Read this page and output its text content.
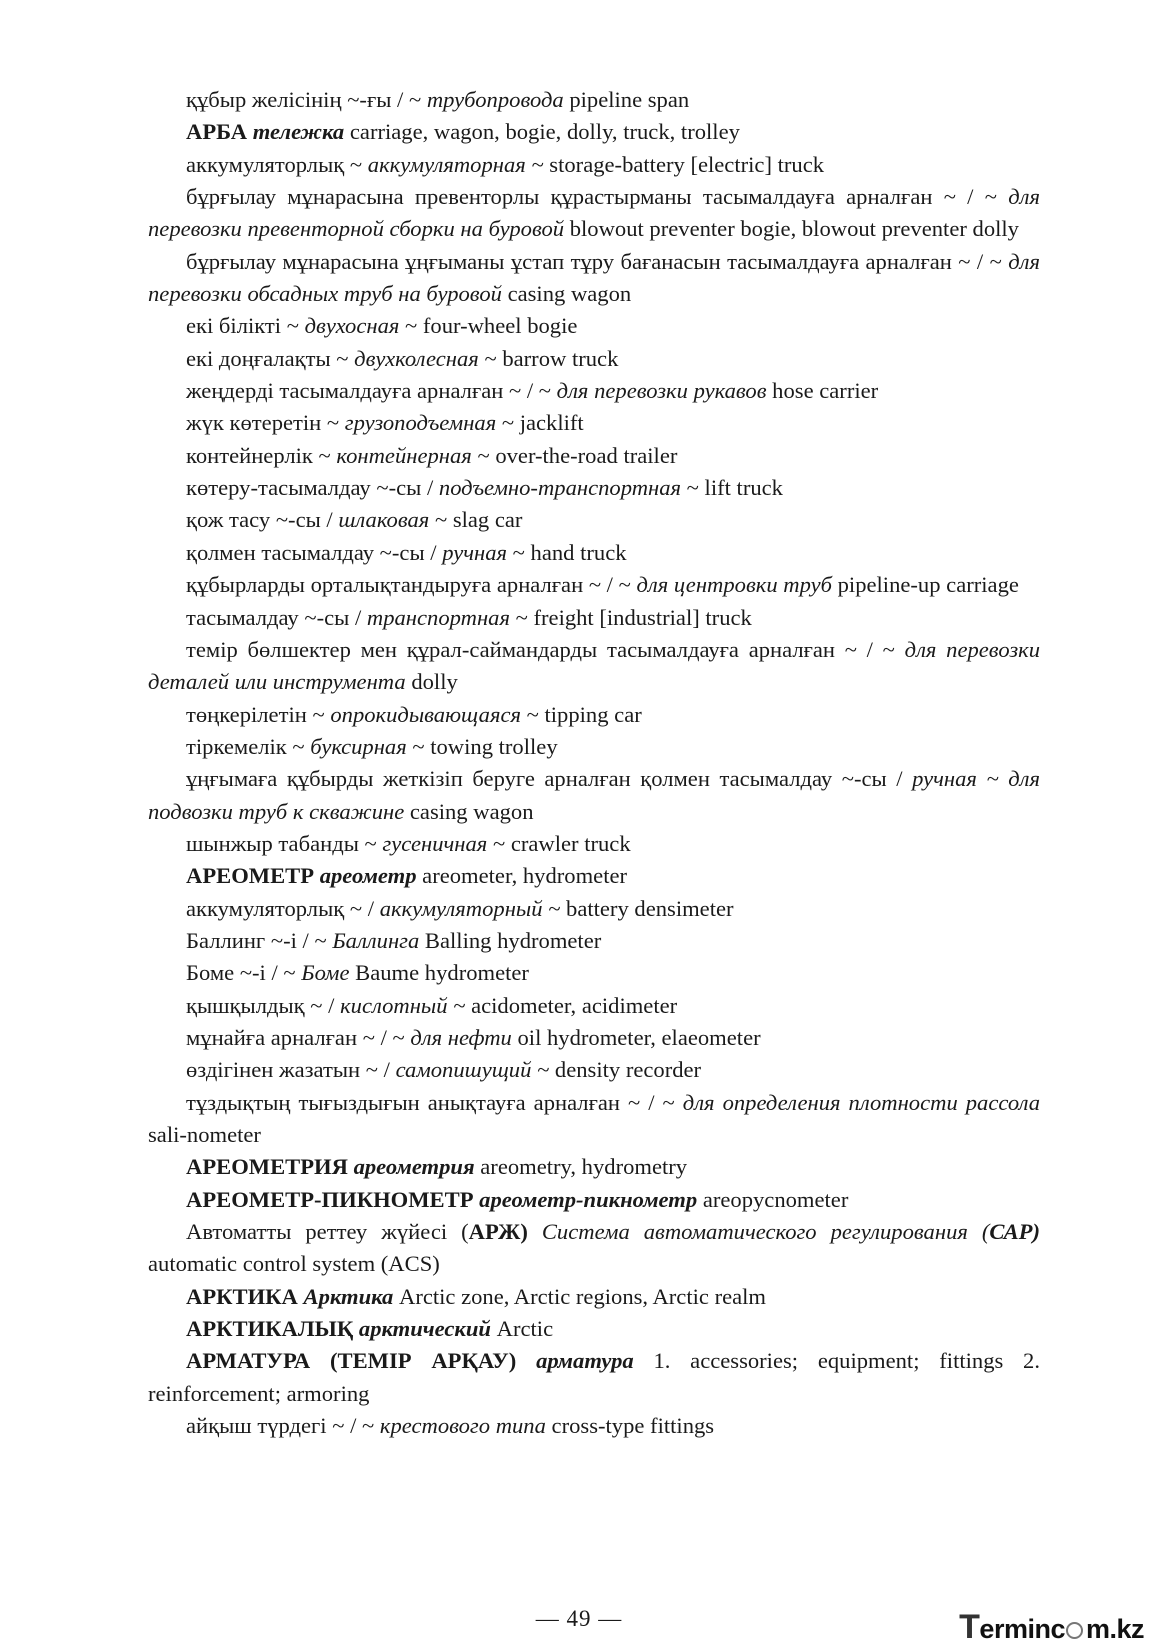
құбыр желісінің ~-ғы / ~ трубопровода pipeline span

АРБА тележка carriage, wagon, bogie, dolly, truck, trolley

аккумуляторлық ~ аккумуляторная ~ storage-battery [electric] truck

бұрғылау мұнарасына превенторлы құрастырманы тасымалдауға арналған ~ / ~ для перевозки превенторной сборки на буровой blowout preventer bogie, blowout preventer dolly

бұрғылау мұнарасына ұңғыманы ұстап тұру бағанасын тасымалдауға арналған ~ / ~ для перевозки обсадных труб на буровой casing wagon

екі білікті ~ двухосная ~ four-wheel bogie

екі доңғалақты ~ двухколесная ~ barrow truck

жеңдерді тасымалдауға арналған ~ / ~ для перевозки рукавов hose carrier

жүк көтеретін ~ грузоподъемная ~ jacklift

контейнерлік ~ контейнерная ~ over-the-road trailer

көтеру-тасымалдау ~-сы / подъемно-транспортная ~ lift truck

қож тасу ~-сы / шлаковая ~ slag car

қолмен тасымалдау ~-сы / ручная ~ hand truck

құбырларды орталықтандыруға арналған ~ / ~ для центровки труб pipeline-up carriage

тасымалдау ~-сы / транспортная ~ freight [industrial] truck

темір бөлшектер мен құрал-саймандарды тасымалдауға арналған ~ / ~ для перевозки деталей или инструмента dolly

төңкерілетін ~ опрокидывающаяся ~ tipping car

тіркемелік ~ буксирная ~ towing trolley

ұңғымаға құбырды жеткізіп беруге арналған қолмен тасымалдау ~-сы / ручная ~ для подвозки труб к скважине casing wagon

шынжыр табанды ~ гусеничная ~ crawler truck

АРЕОМЕТР ареометр areometer, hydrometer

аккумуляторлық ~ / аккумуляторный ~ battery densimeter

Баллинг ~-і / ~ Баллинга Balling hydrometer

Боме ~-і / ~ Боме Baume hydrometer

қышқылдық ~ / кислотный ~ acidometer, acidimeter

мұнайға арналған ~ / ~ для нефти oil hydrometer, elaeometer

өздігінен жазатын ~ / самопишущий ~ density recorder

тұздықтың тығыздығын анықтауға арналған ~ / ~ для определения плотности рассола sali-nometer

АРЕОМЕТРИЯ ареометрия areometry, hydrometry

АРЕОМЕТР-ПИКНОМЕТР ареометр-пикнометр areopycnometer

Автоматты реттеу жүйесі (АРЖ) Система автоматического регулирования (САР) automatic control system (ACS)

АРКТИКА Арктика Arctic zone, Arctic regions, Arctic realm

АРКТИКАЛЫҚ арктический Arctic

АРМАТУРА (ТЕМІР АРҚАУ) арматура 1. accessories; equipment; fittings 2. reinforcement; armoring

айқыш түрдегі ~ / ~ крестового типа cross-type fittings

— 49 —	Terminc m.kz
